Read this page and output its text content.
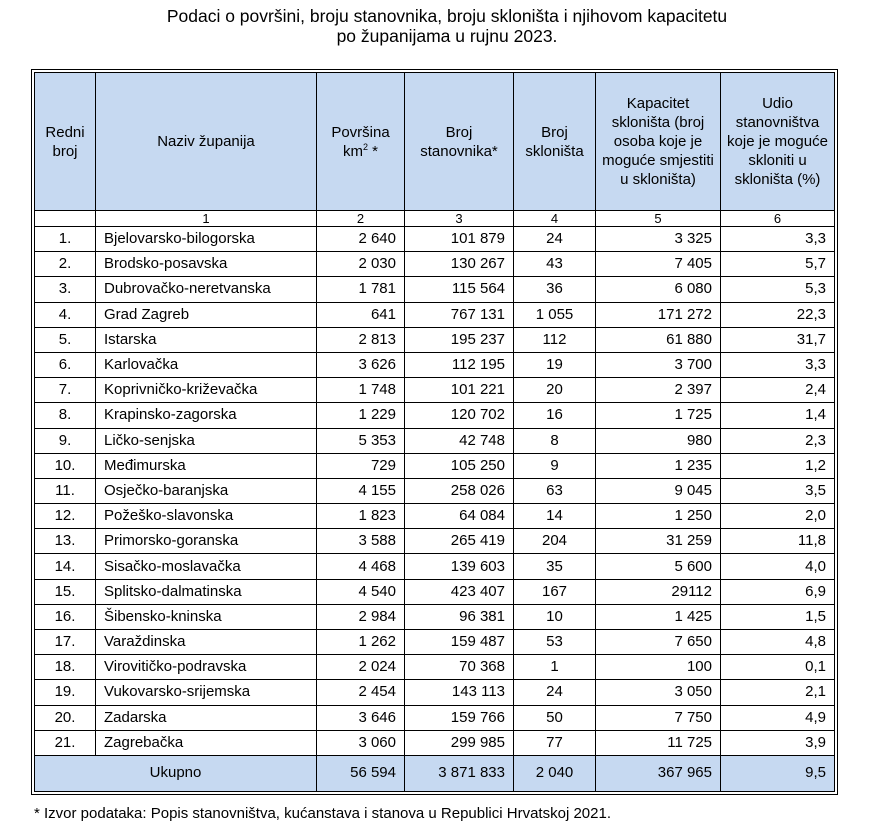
Podaci o površini, broju stanovnika, broju skloništa i njihovom kapacitetu
po županijama u rujnu 2023.
Redni broj	Naziv županija	Površina $km^2$ *	Broj stanovnika*	Broj skloništa	Kapacitet skloništa (broj osoba koje je moguće smjestiti u skloništa)	Udio stanovništva koje je moguće skloniti u skloništa (%)
	1	2	3	4	5	6
1.	Bjelovarsko-bilogorska	2 640	101 879	24	3 325	3,3
2.	Brodsko-posavska	2 030	130 267	43	7 405	5,7
3.	Dubrovačko-neretvanska	1 781	115 564	36	6 080	5,3
4.	Grad Zagreb	641	767 131	1 055	171 272	22,3
5.	Istarska	2 813	195 237	112	61 880	31,7
6.	Karlovačka	3 626	112 195	19	3 700	3,3
7.	Koprivničko-križevačka	1 748	101 221	20	2 397	2,4
8.	Krapinsko-zagorska	1 229	120 702	16	1 725	1,4
9.	Ličko-senjska	5 353	42 748	8	980	2,3
10.	Međimurska	729	105 250	9	1 235	1,2
11.	Osječko-baranjska	4 155	258 026	63	9 045	3,5
12.	Požeško-slavonska	1 823	64 084	14	1 250	2,0
13.	Primorsko-goranska	3 588	265 419	204	31 259	11,8
14.	Sisačko-moslavačka	4 468	139 603	35	5 600	4,0
15.	Splitsko-dalmatinska	4 540	423 407	167	29112	6,9
16.	Šibensko-kninska	2 984	96 381	10	1 425	1,5
17.	Varaždinska	1 262	159 487	53	7 650	4,8
18.	Virovitičko-podravska	2 024	70 368	1	100	0,1
19.	Vukovarsko-srijemska	2 454	143 113	24	3 050	2,1
20.	Zadarska	3 646	159 766	50	7 750	4,9
21.	Zagrebačka	3 060	299 985	77	11 725	3,9
Ukupno		56 594	3 871 833	2 040	367 965	9,5
* Izvor podataka: Popis stanovništva, kućanstava i stanova u Republici Hrvatskoj 2021.
